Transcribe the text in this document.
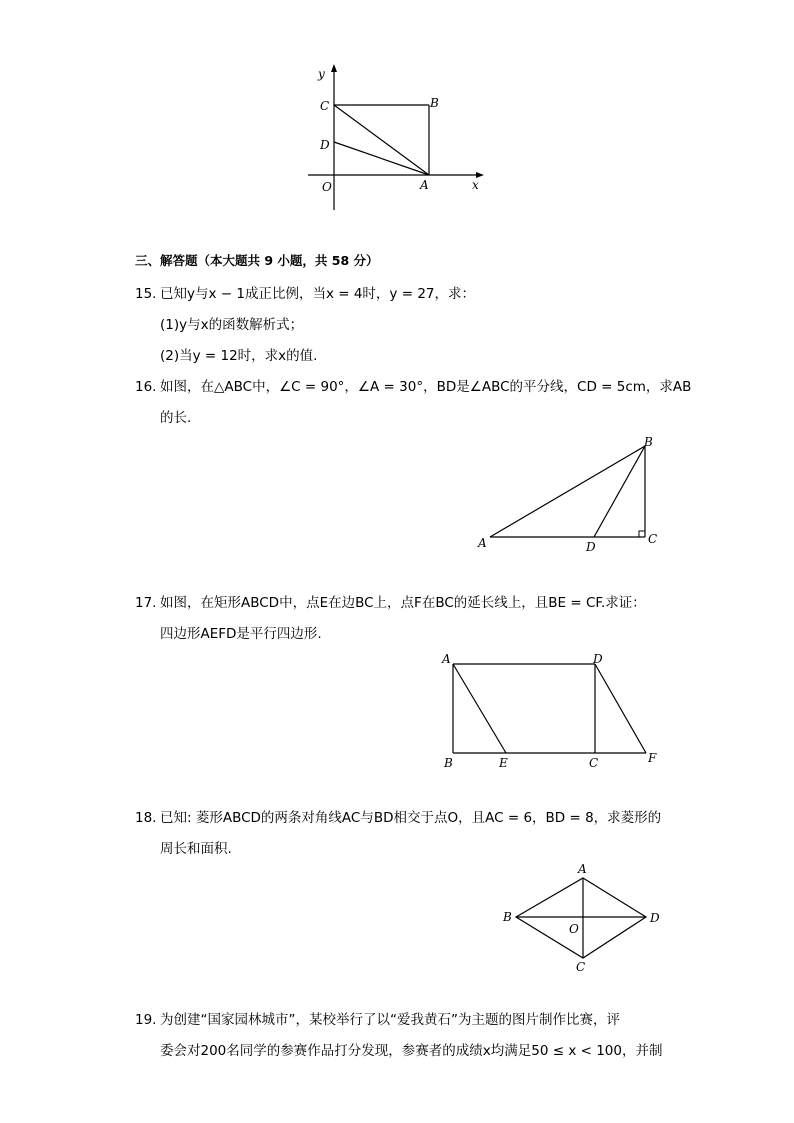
y
C	B
D
O	A	x
三、解答题（本大题共 9 小题，共 58 分）
15. 已知y与x − 1成正比例，当x = 4时，y = 27，求：
(1)y与x的函数解析式；
(2)当y = 12时，求x的值.
16. 如图，在△ABC中，∠C = 90°，∠A = 30°，BD是∠ABC的平分线，CD = 5cm，求AB
的长.
A
B
C
D
17. 如图，在矩形ABCD中，点E在边BC上，点F在BC的延长线上，且BE = CF.求证：
四边形AEFD是平行四边形.
A	D
B	E	C	F
18. 已知: 菱形ABCD的两条对角线AC与BD相交于点O，且AC = 6，BD = 8，求菱形的
周长和面积.
A
B	D
O
C
19. 为创建“国家园林城市”，某校举行了以“爱我黄石”为主题的图片制作比赛，评
委会对200名同学的参赛作品打分发现，参赛者的成绩x均满足50 ≤ x < 100，并制
